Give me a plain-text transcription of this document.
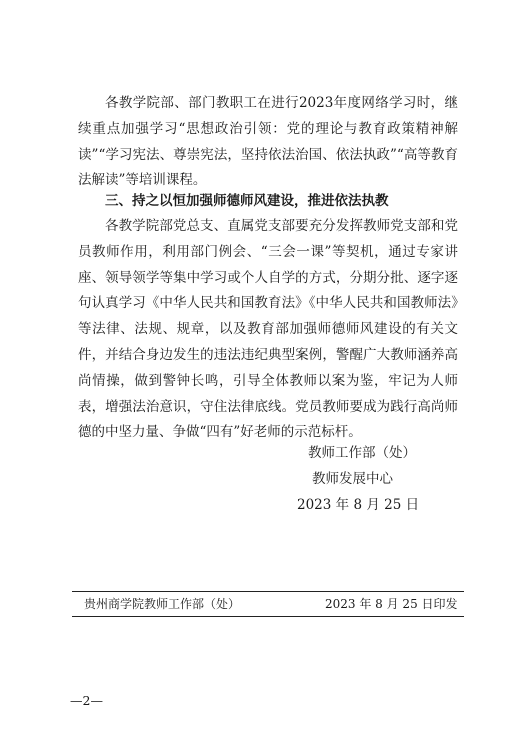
各教学院部、部门教职工在进行2023年度网络学习时，继续重点加强学习“思想政治引领：党的理论与教育政策精神解读”“学习宪法、尊崇宪法，坚持依法治国、依法执政”“高等教育法解读”等培训课程。

三、持之以恒加强师德师风建设，推进依法执教

各教学院部党总支、直属党支部要充分发挥教师党支部和党员教师作用，利用部门例会、“三会一课”等契机，通过专家讲座、领导领学等集中学习或个人自学的方式，分期分批、逐字逐句认真学习《中华人民共和国教育法》《中华人民共和国教师法》等法律、法规、规章，以及教育部加强师德师风建设的有关文件，并结合身边发生的违法违纪典型案例，警醒广大教师涵养高尚情操，做到警钟长鸣，引导全体教师以案为鉴，牢记为人师表，增强法治意识，守住法律底线。党员教师要成为践行高尚师德的中坚力量、争做“四有”好老师的示范标杆。

教师工作部（处）
教师发展中心
2023 年 8 月 25 日
贵州商学院教师工作部（处）	2023 年 8 月 25 日印发
—2—
